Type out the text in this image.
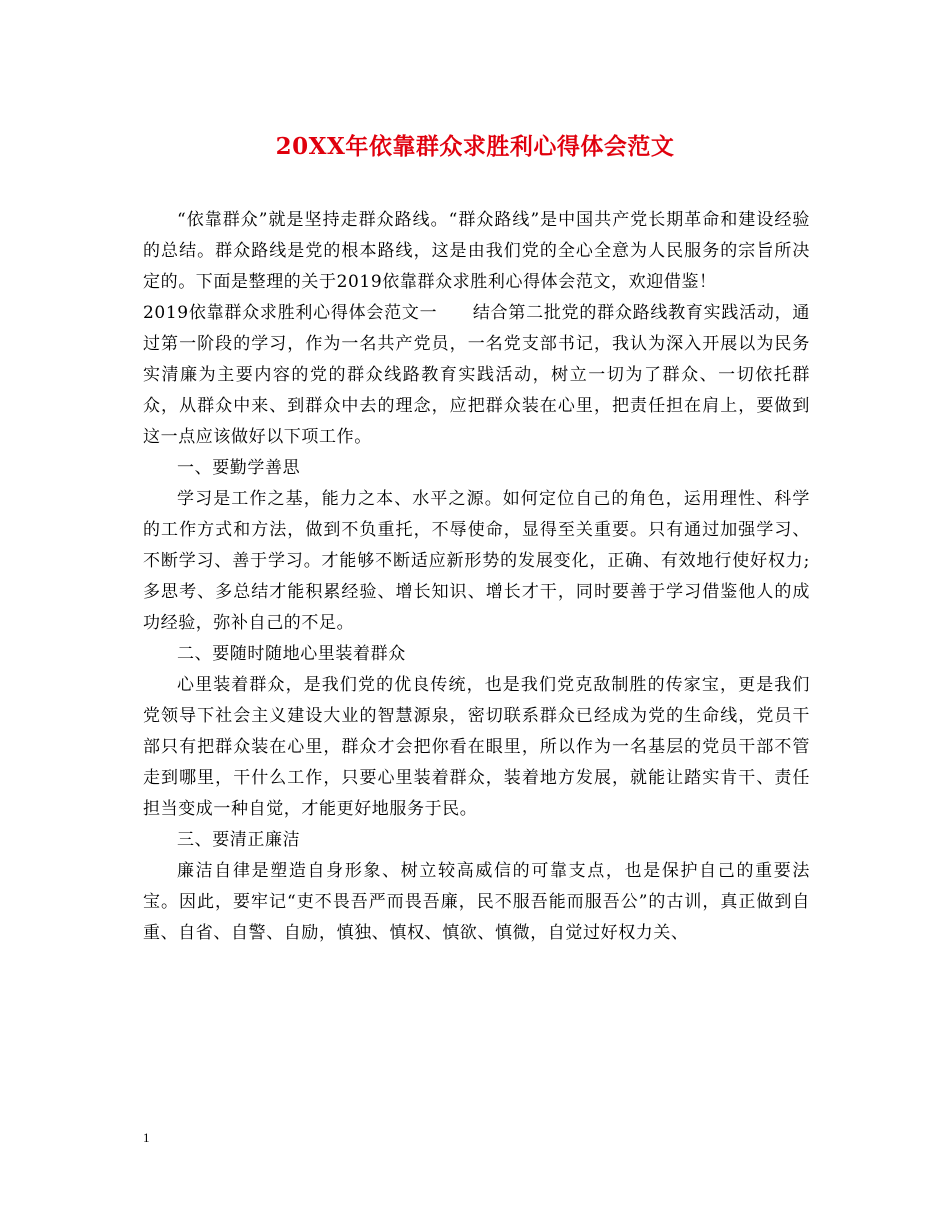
20XX年依靠群众求胜利心得体会范文

“依靠群众”就是坚持走群众路线。“群众路线”是中国共产党长期革命和建设经验的总结。群众路线是党的根本路线，这是由我们党的全心全意为人民服务的宗旨所决定的。下面是整理的关于2019依靠群众求胜利心得体会范文，欢迎借鉴！

2019依靠群众求胜利心得体会范文一　　结合第二批党的群众路线教育实践活动，通过第一阶段的学习，作为一名共产党员，一名党支部书记，我认为深入开展以为民务实清廉为主要内容的党的群众线路教育实践活动，树立一切为了群众、一切依托群众，从群众中来、到群众中去的理念，应把群众装在心里，把责任担在肩上，要做到这一点应该做好以下项工作。

一、要勤学善思

学习是工作之基，能力之本、水平之源。如何定位自己的角色，运用理性、科学的工作方式和方法，做到不负重托，不辱使命，显得至关重要。只有通过加强学习、不断学习、善于学习。才能够不断适应新形势的发展变化，正确、有效地行使好权力;多思考、多总结才能积累经验、增长知识、增长才干，同时要善于学习借鉴他人的成功经验，弥补自己的不足。

二、要随时随地心里装着群众

心里装着群众，是我们党的优良传统，也是我们党克敌制胜的传家宝，更是我们党领导下社会主义建设大业的智慧源泉，密切联系群众已经成为党的生命线，党员干部只有把群众装在心里，群众才会把你看在眼里，所以作为一名基层的党员干部不管走到哪里，干什么工作，只要心里装着群众，装着地方发展，就能让踏实肯干、责任担当变成一种自觉，才能更好地服务于民。

三、要清正廉洁

廉洁自律是塑造自身形象、树立较高威信的可靠支点，也是保护自己的重要法宝。因此，要牢记“吏不畏吾严而畏吾廉，民不服吾能而服吾公”的古训，真正做到自重、自省、自警、自励，慎独、慎权、慎欲、慎微，自觉过好权力关、

1
